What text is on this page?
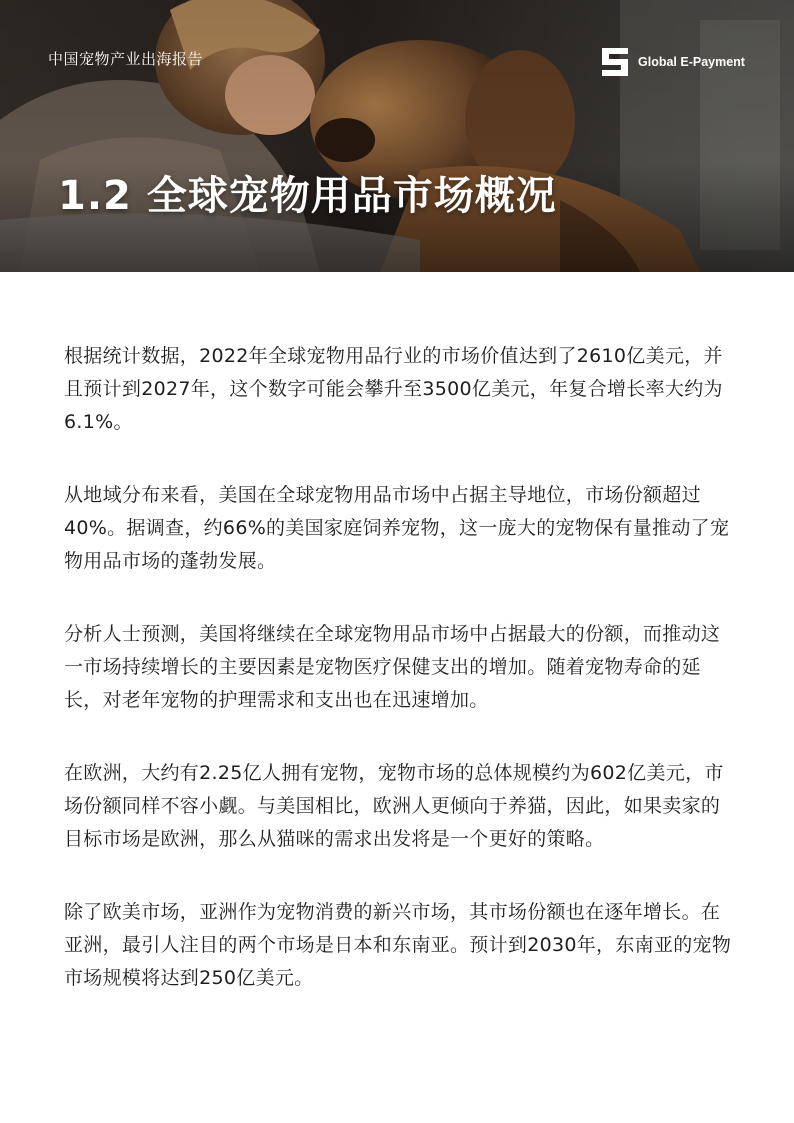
中国宠物产业出海报告	Global E-Payment
1.2 全球宠物用品市场概况

根据统计数据，2022年全球宠物用品行业的市场价值达到了2610亿美元，并且预计到2027年，这个数字可能会攀升至3500亿美元，年复合增长率大约为6.1%。

从地域分布来看，美国在全球宠物用品市场中占据主导地位，市场份额超过40%。据调查，约66%的美国家庭饲养宠物，这一庞大的宠物保有量推动了宠物用品市场的蓬勃发展。

分析人士预测，美国将继续在全球宠物用品市场中占据最大的份额，而推动这一市场持续增长的主要因素是宠物医疗保健支出的增加。随着宠物寿命的延长，对老年宠物的护理需求和支出也在迅速增加。

在欧洲，大约有2.25亿人拥有宠物，宠物市场的总体规模约为602亿美元，市场份额同样不容小觑。与美国相比，欧洲人更倾向于养猫，因此，如果卖家的目标市场是欧洲，那么从猫咪的需求出发将是一个更好的策略。

除了欧美市场，亚洲作为宠物消费的新兴市场，其市场份额也在逐年增长。在亚洲，最引人注目的两个市场是日本和东南亚。预计到2030年，东南亚的宠物市场规模将达到250亿美元。
